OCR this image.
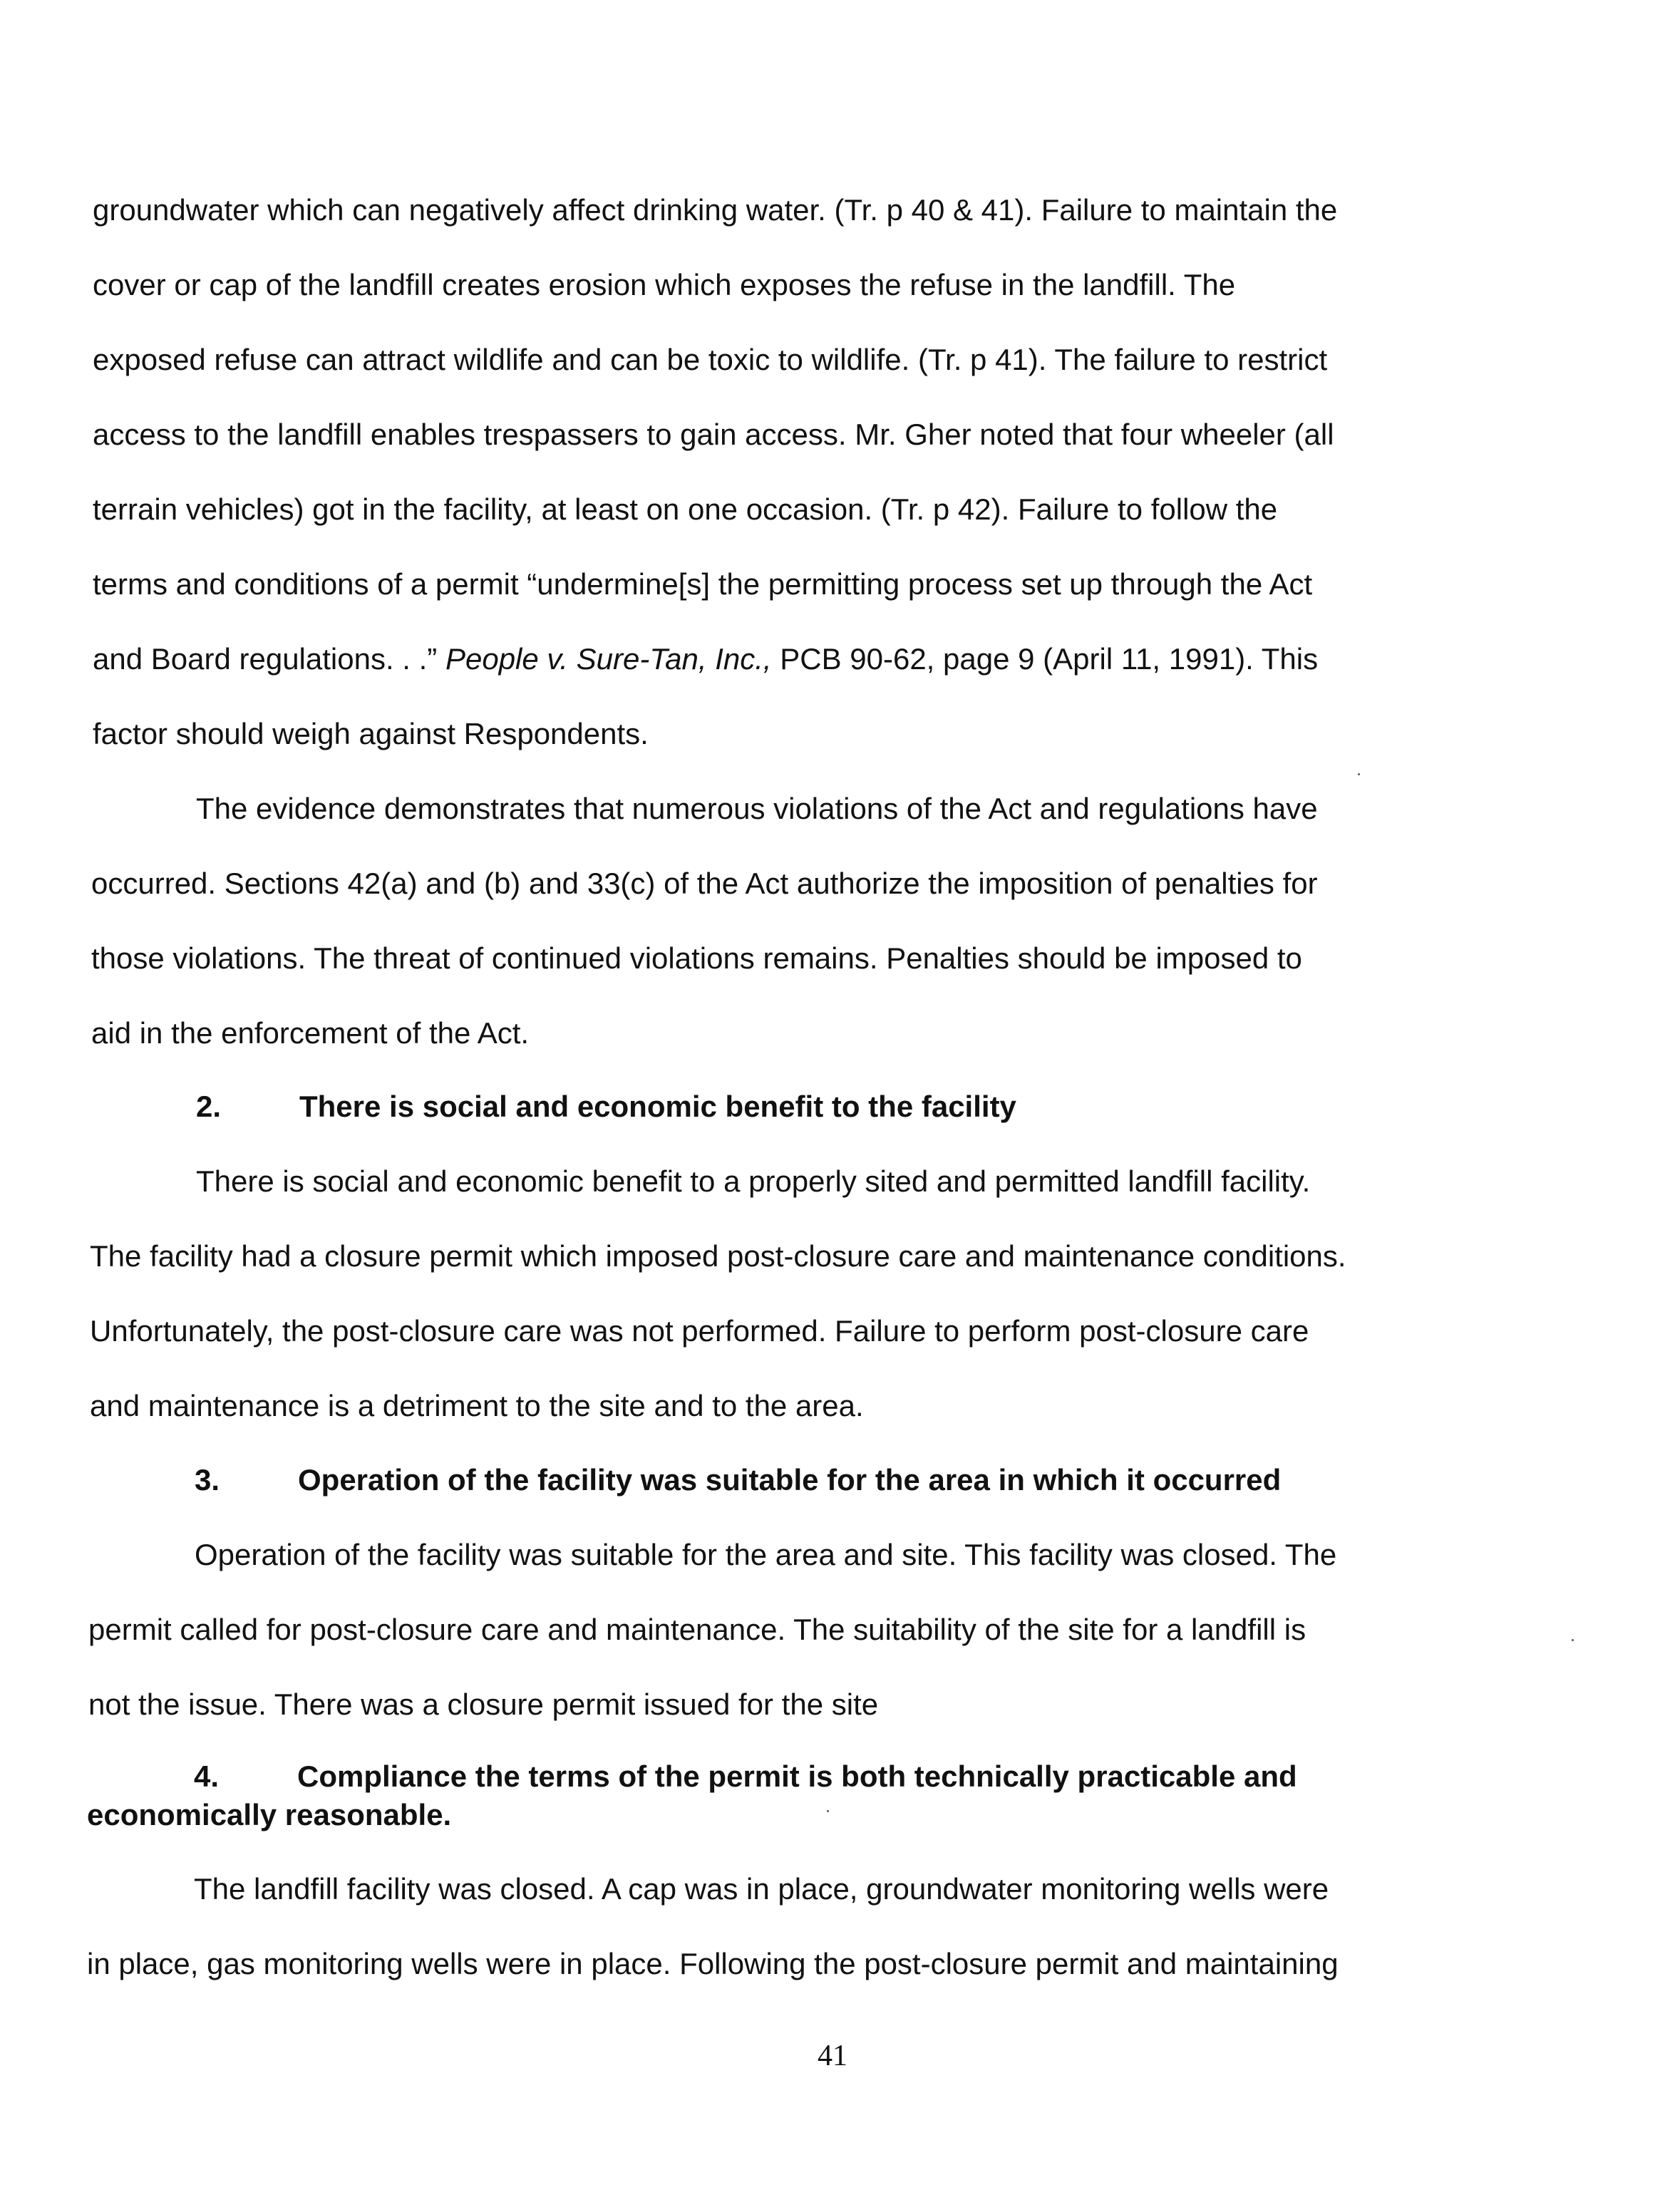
groundwater which can negatively affect drinking water. (Tr. p 40 & 41). Failure to maintain the

cover or cap of the landfill creates erosion which exposes the refuse in the landfill. The

exposed refuse can attract wildlife and can be toxic to wildlife. (Tr. p 41). The failure to restrict

access to the landfill enables trespassers to gain access. Mr. Gher noted that four wheeler (all

terrain vehicles) got in the facility, at least on one occasion. (Tr. p 42). Failure to follow the

terms and conditions of a permit “undermine[s] the permitting process set up through the Act

and Board regulations. . .” People v. Sure-Tan, Inc., PCB 90-62, page 9 (April 11, 1991). This

factor should weigh against Respondents.

The evidence demonstrates that numerous violations of the Act and regulations have

occurred. Sections 42(a) and (b) and 33(c) of the Act authorize the imposition of penalties for

those violations. The threat of continued violations remains. Penalties should be imposed to

aid in the enforcement of the Act.

2.	There is social and economic benefit to the facility

There is social and economic benefit to a properly sited and permitted landfill facility.

The facility had a closure permit which imposed post-closure care and maintenance conditions.

Unfortunately, the post-closure care was not performed. Failure to perform post-closure care

and maintenance is a detriment to the site and to the area.

3.	Operation of the facility was suitable for the area in which it occurred

Operation of the facility was suitable for the area and site. This facility was closed. The

permit called for post-closure care and maintenance. The suitability of the site for a landfill is

not the issue. There was a closure permit issued for the site

4.	Compliance the terms of the permit is both technically practicable and

economically reasonable.

The landfill facility was closed. A cap was in place, groundwater monitoring wells were

in place, gas monitoring wells were in place. Following the post-closure permit and maintaining

41
